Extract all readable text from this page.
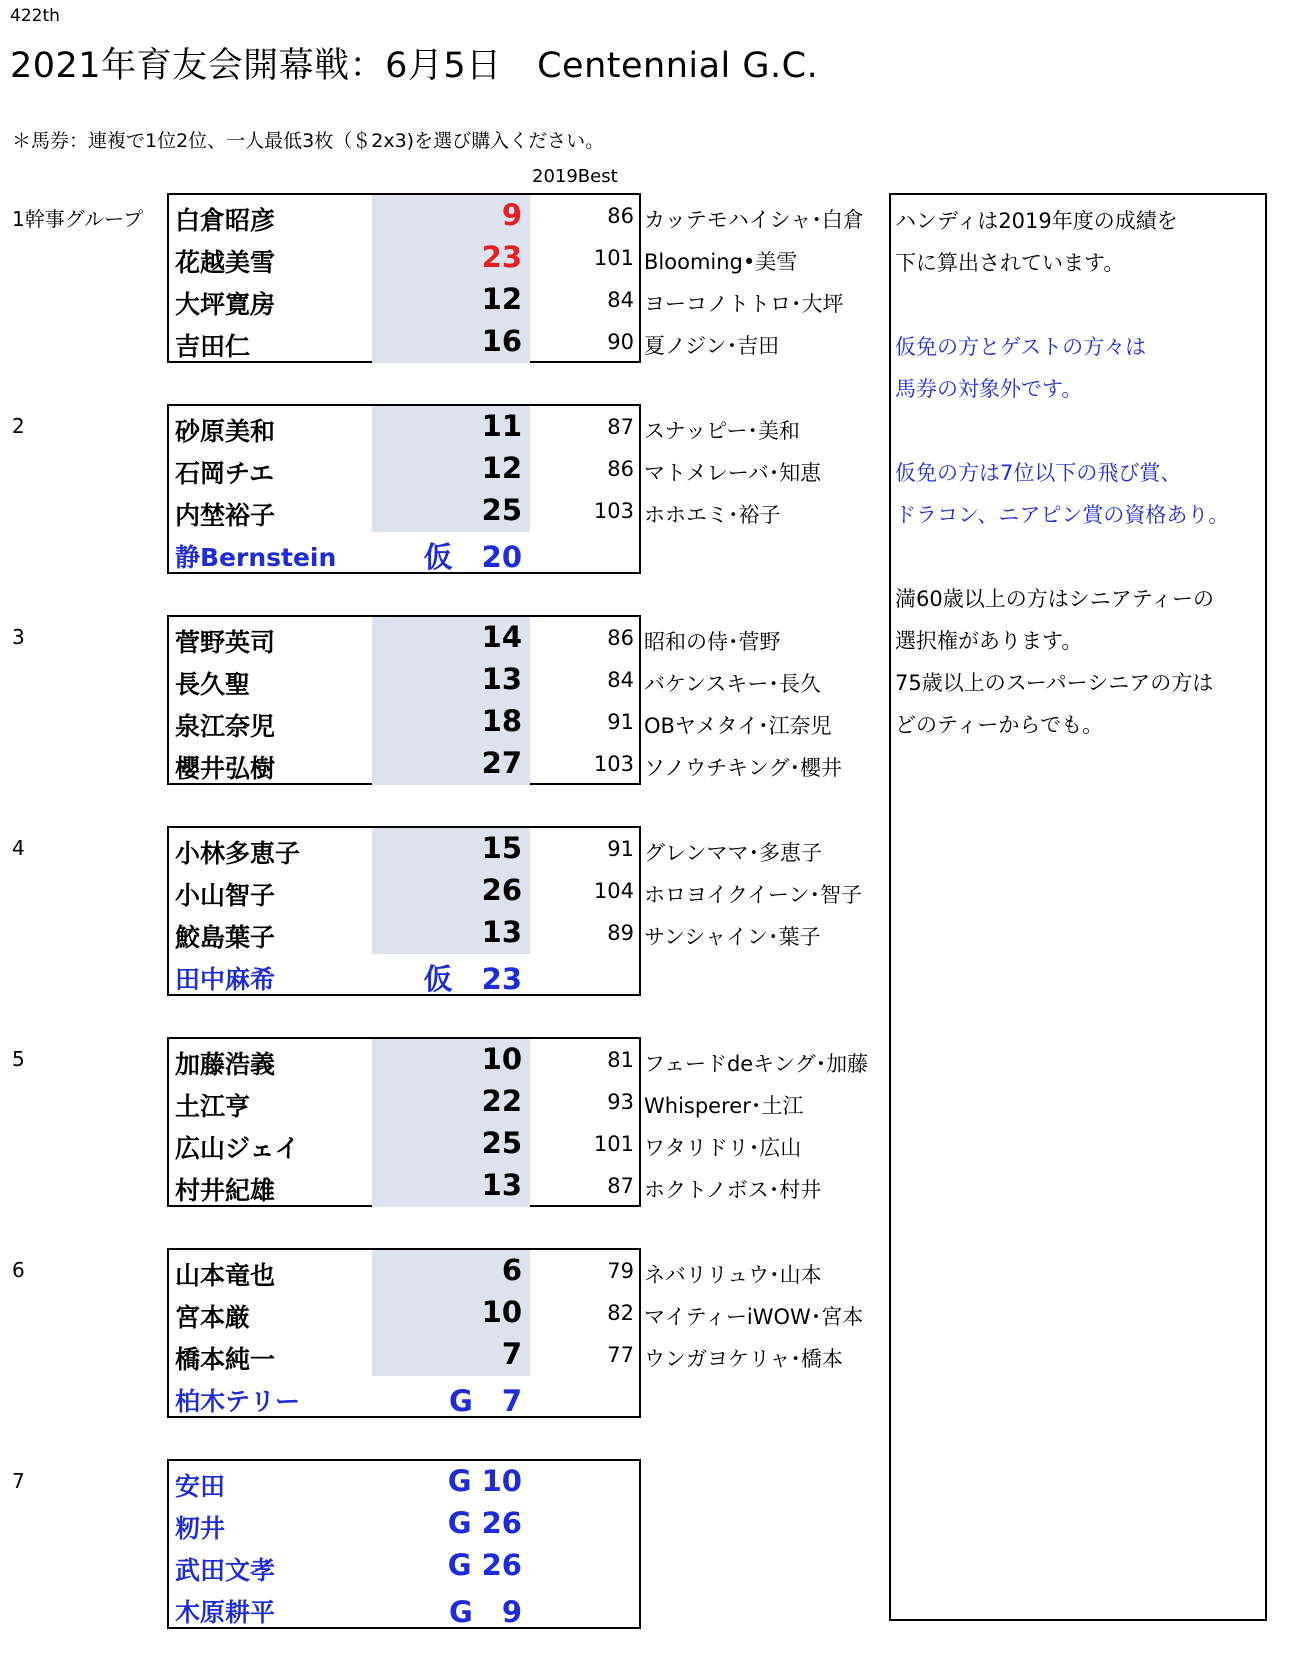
422th
2021年育友会開幕戦：6月5日　Centennial G.C.
＊馬券：連複で1位2位、一人最低3枚（＄2x3)を選び購入ください。
2019Best
1幹事グループ 白倉昭彦	9	86 カッテモハイシャ･白倉
花越美雪	23	101 Blooming•美雪
大坪寛房	12	84 ヨーコノトトロ･大坪
吉田仁	16	90 夏ノジン･吉田
2	砂原美和	11	87 スナッピー･美和
石岡チエ	12	86 マトメレーバ･知恵
内埜裕子	25	103 ホホエミ･裕子
静Bernstein	仮　20
3	菅野英司	14	86 昭和の侍･菅野
長久聖	13	84 バケンスキー･長久
泉江奈児	18	91 OBヤメタイ･江奈児
櫻井弘樹	27	103 ソノウチキング･櫻井
4	小林多恵子	15	91 グレンママ･多恵子
小山智子	26	104 ホロヨイクイーン･智子
鮫島葉子	13	89 サンシャイン･葉子
田中麻希	仮　23
5	加藤浩義	10	81 フェードdeキング･加藤
土江亨	22	93 Whisperer･土江
広山ジェイ	25	101 ワタリドリ･広山
村井紀雄	13	87 ホクトノボス･村井
6	山本竜也	6	79 ネバリリュウ･山本
宮本厳	10	82 マイティーiWOW･宮本
橋本純一	7	77 ウンガヨケリャ･橋本
柏木テリー	G　7
7	安田	G 10
籾井	G 26
武田文孝	G 26
木原耕平	G　9
ハンディは2019年度の成績を
下に算出されています。
仮免の方とゲストの方々は
馬券の対象外です。
仮免の方は7位以下の飛び賞、
ドラコン、ニアピン賞の資格あり。
満60歳以上の方はシニアティーの
選択権があります。
75歳以上のスーパーシニアの方は
どのティーからでも。
